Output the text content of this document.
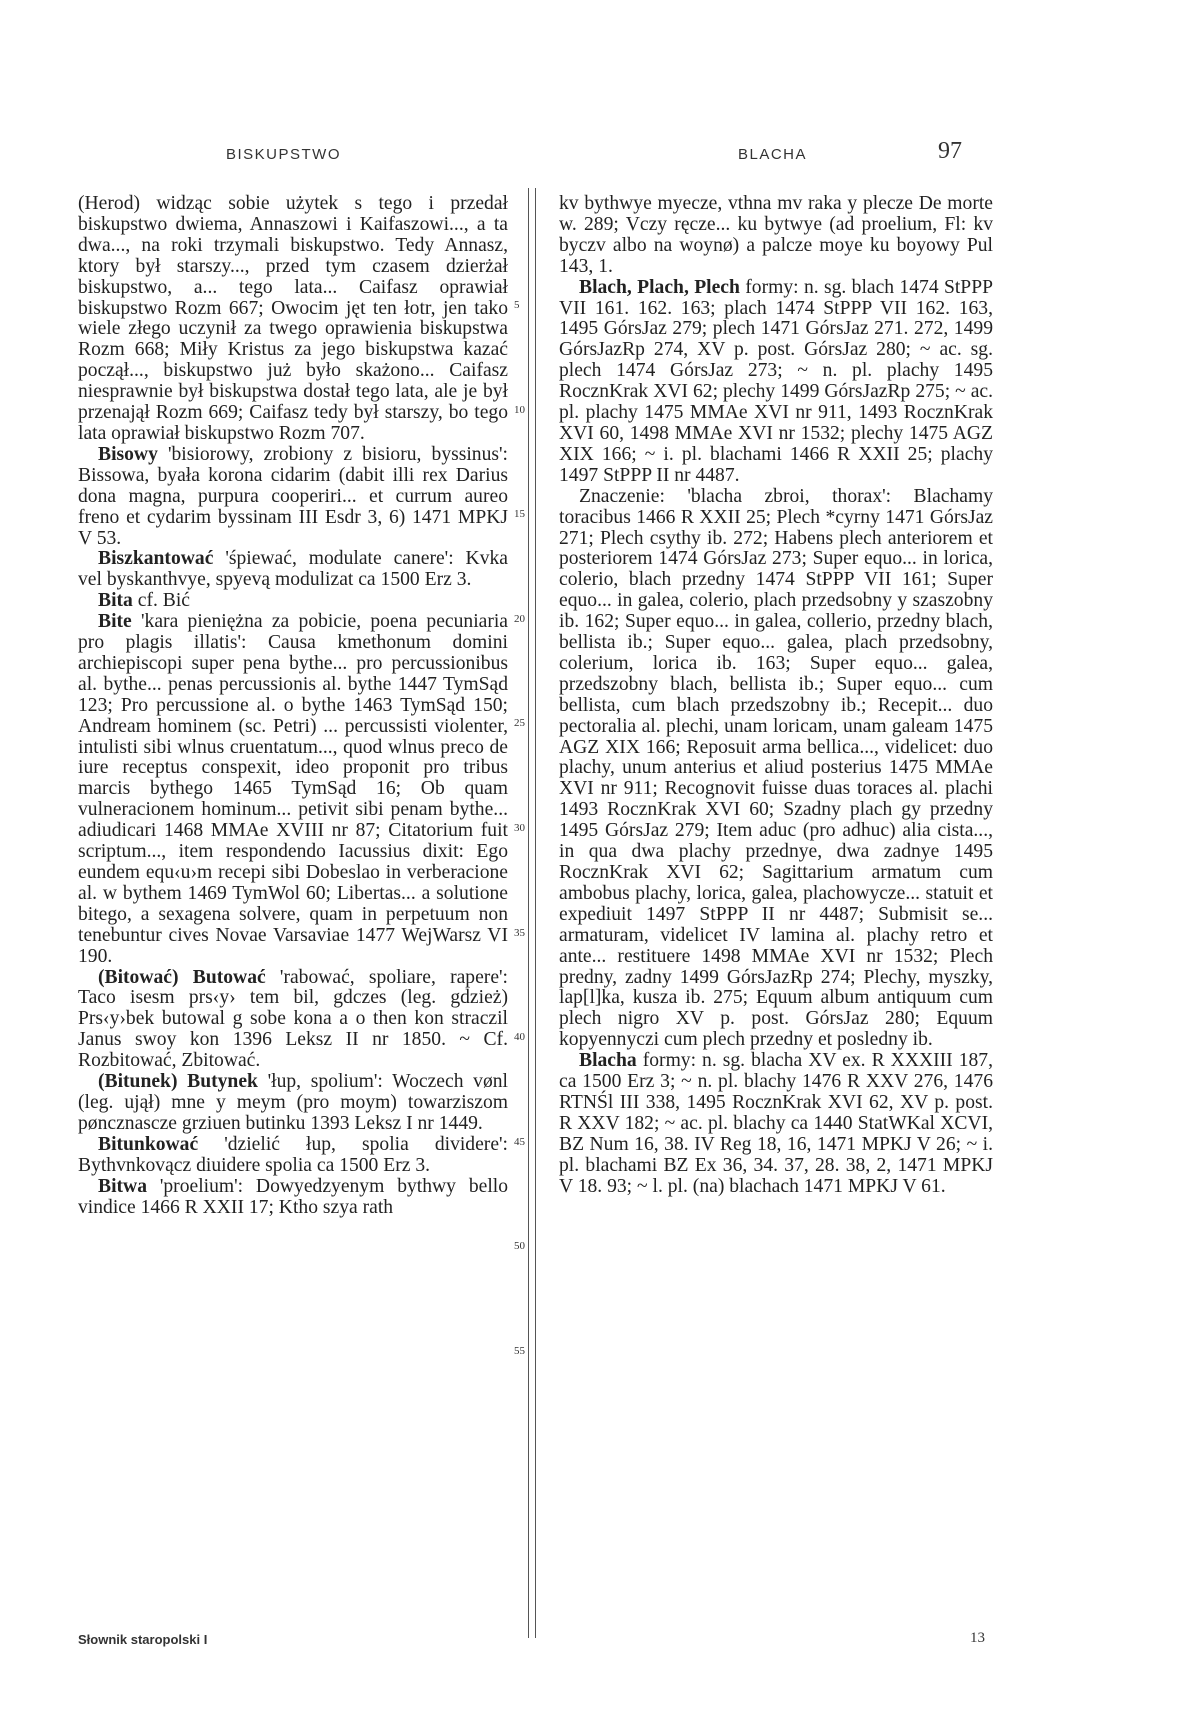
BISKUPSTWO	BLACHA	97

(Herod) widząc sobie użytek s tego i przedał biskupstwo dwiema, Annaszowi i Kaifaszowi..., a ta dwa..., na roki trzymali biskupstwo. Tedy Annasz, ktory był starszy..., przed tym czasem dzierżał biskupstwo, a... tego lata... Caifasz oprawiał biskupstwo Rozm 667; Owocim jęt ten łotr, jen tako wiele złego uczynił za twego oprawienia biskupstwa Rozm 668; Miły Kristus za jego biskupstwa kazać począł..., biskupstwo już było skażono... Caifasz niesprawnie był biskupstwa dostał tego lata, ale je był przenajął Rozm 669; Caifasz tedy był starszy, bo tego lata oprawiał biskupstwo Rozm 707.

Bisowy 'bisiorowy, zrobiony z bisioru, byssinus': Bissowa, byała korona cidarim (dabit illi rex Darius dona magna, purpura cooperiri... et currum aureo freno et cydarim byssinam III Esdr 3, 6) 1471 MPKJ V 53.

Biszkantować 'śpiewać, modulate canere': Kvka vel byskanthvye, spyevą modulizat ca 1500 Erz 3.

Bita cf. Bić

Bite 'kara pieniężna za pobicie, poena pecuniaria pro plagis illatis': Causa kmethonum domini archiepiscopi super pena bythe... pro percussionibus al. bythe... penas percussionis al. bythe 1447 TymSąd 123; Pro percussione al. o bythe 1463 TymSąd 150; Andream hominem (sc. Petri) ... percussisti violenter, intulisti sibi wlnus cruentatum..., quod wlnus preco de iure receptus conspexit, ideo proponit pro tribus marcis bythego 1465 TymSąd 16; Ob quam vulneracionem hominum... petivit sibi penam bythe... adiudicari 1468 MMAe XVIII nr 87; Citatorium fuit scriptum..., item respondendo Iacussius dixit: Ego eundem equ‹u›m recepi sibi Dobeslao in verberacione al. w bythem 1469 TymWol 60; Libertas... a solutione bitego, a sexagena solvere, quam in perpetuum non tenebuntur cives Novae Varsaviae 1477 WejWarsz VI 190.

(Bitować) Butować 'rabować, spoliare, rapere': Taco isesm prs‹y› tem bil, gdczes (leg. gdzież) Prs‹y›bek butowal g sobe kona a o then kon straczil Janus swoy kon 1396 Leksz II nr 1850. ~ Cf. Rozbitować, Zbitować.

(Bitunek) Butynek 'łup, spolium': Woczech vønl (leg. ujął) mne y meym (pro moym) towarziszom pønсznasсze grziuen butinku 1393 Leksz I nr 1449.

Bitunkować 'dzielić łup, spolia dividere': Bythvnkovącz diuidere spolia ca 1500 Erz 3.

Bitwa 'proelium': Dowyedzyenym bythwy bello vindice 1466 R XXII 17; Ktho szya rath

kv bythwye myecze, vthna mv raka y plecze De morte w. 289; Vczy ręcze... ku bytwye (ad proelium, Fl: kv byczv albo na woynø) a palcze moye ku boyowy Pul 143, 1.

Blach, Plach, Plech formy: n. sg. blach 1474 StPPP VII 161. 162. 163; plach 1474 StPPP VII 162. 163, 1495 GórsJaz 279; plech 1471 GórsJaz 271. 272, 1499 GórsJazRp 274, XV p. post. GórsJaz 280; ~ ac. sg. plech 1474 GórsJaz 273; ~ n. pl. plachy 1495 RocznKrak XVI 62; plechy 1499 GórsJazRp 275; ~ ac. pl. plachy 1475 MMAe XVI nr 911, 1493 RocznKrak XVI 60, 1498 MMAe XVI nr 1532; plechy 1475 AGZ XIX 166; ~ i. pl. blachami 1466 R XXII 25; plachy 1497 StPPP II nr 4487.

Znaczenie: 'blacha zbroi, thorax': Blachamy toracibus 1466 R XXII 25; Plech *cyrny 1471 GórsJaz 271; Plech csythy ib. 272; Habens plech anteriorem et posteriorem 1474 GórsJaz 273; Super equo... in lorica, colerio, blach przedny 1474 StPPP VII 161; Super equo... in galea, colerio, plach przedsobny y szaszobny ib. 162; Super equo... in galea, collerio, przedny blach, bellista ib.; Super equo... galea, plach przedsobny, colerium, lorica ib. 163; Super equo... galea, przedszobny blach, bellista ib.; Super equo... cum bellista, cum blach przedszobny ib.; Recepit... duo pectoralia al. plechi, unam loricam, unam galeam 1475 AGZ XIX 166; Reposuit arma bellica..., videlicet: duo plachy, unum anterius et aliud posterius 1475 MMAe XVI nr 911; Recognovit fuisse duas toraces al. plachi 1493 RocznKrak XVI 60; Szadny plach gy przedny 1495 GórsJaz 279; Item aduc (pro adhuc) alia cista..., in qua dwa plachy przednye, dwa zadnye 1495 RocznKrak XVI 62; Sagittarium armatum cum ambobus plachy, lorica, galea, plachowycze... statuit et expediuit 1497 StPPP II nr 4487; Submisit se... armaturam, videlicet IV lamina al. plachy retro et ante... restituere 1498 MMAe XVI nr 1532; Plech predny, zadny 1499 GórsJazRp 274; Plechy, myszky, lap[l]ka, kusza ib. 275; Equum album antiquum cum plech nigro XV p. post. GórsJaz 280; Equum kopyennyczi cum plech przedny et posledny ib.

Blacha formy: n. sg. blacha XV ex. R XXXIII 187, ca 1500 Erz 3; ~ n. pl. blachy 1476 R XXV 276, 1476 RTNŚl III 338, 1495 RocznKrak XVI 62, XV p. post. R XXV 182; ~ ac. pl. blachy ca 1440 StatWKal XCVI, BZ Num 16, 38. IV Reg 18, 16, 1471 MPKJ V 26; ~ i. pl. blachami BZ Ex 36, 34. 37, 28. 38, 2, 1471 MPKJ V 18. 93; ~ l. pl. (na) blachach 1471 MPKJ V 61.

5
10
15
20
25
30
35
40
45
50
55
Słownik staropolski I	13
